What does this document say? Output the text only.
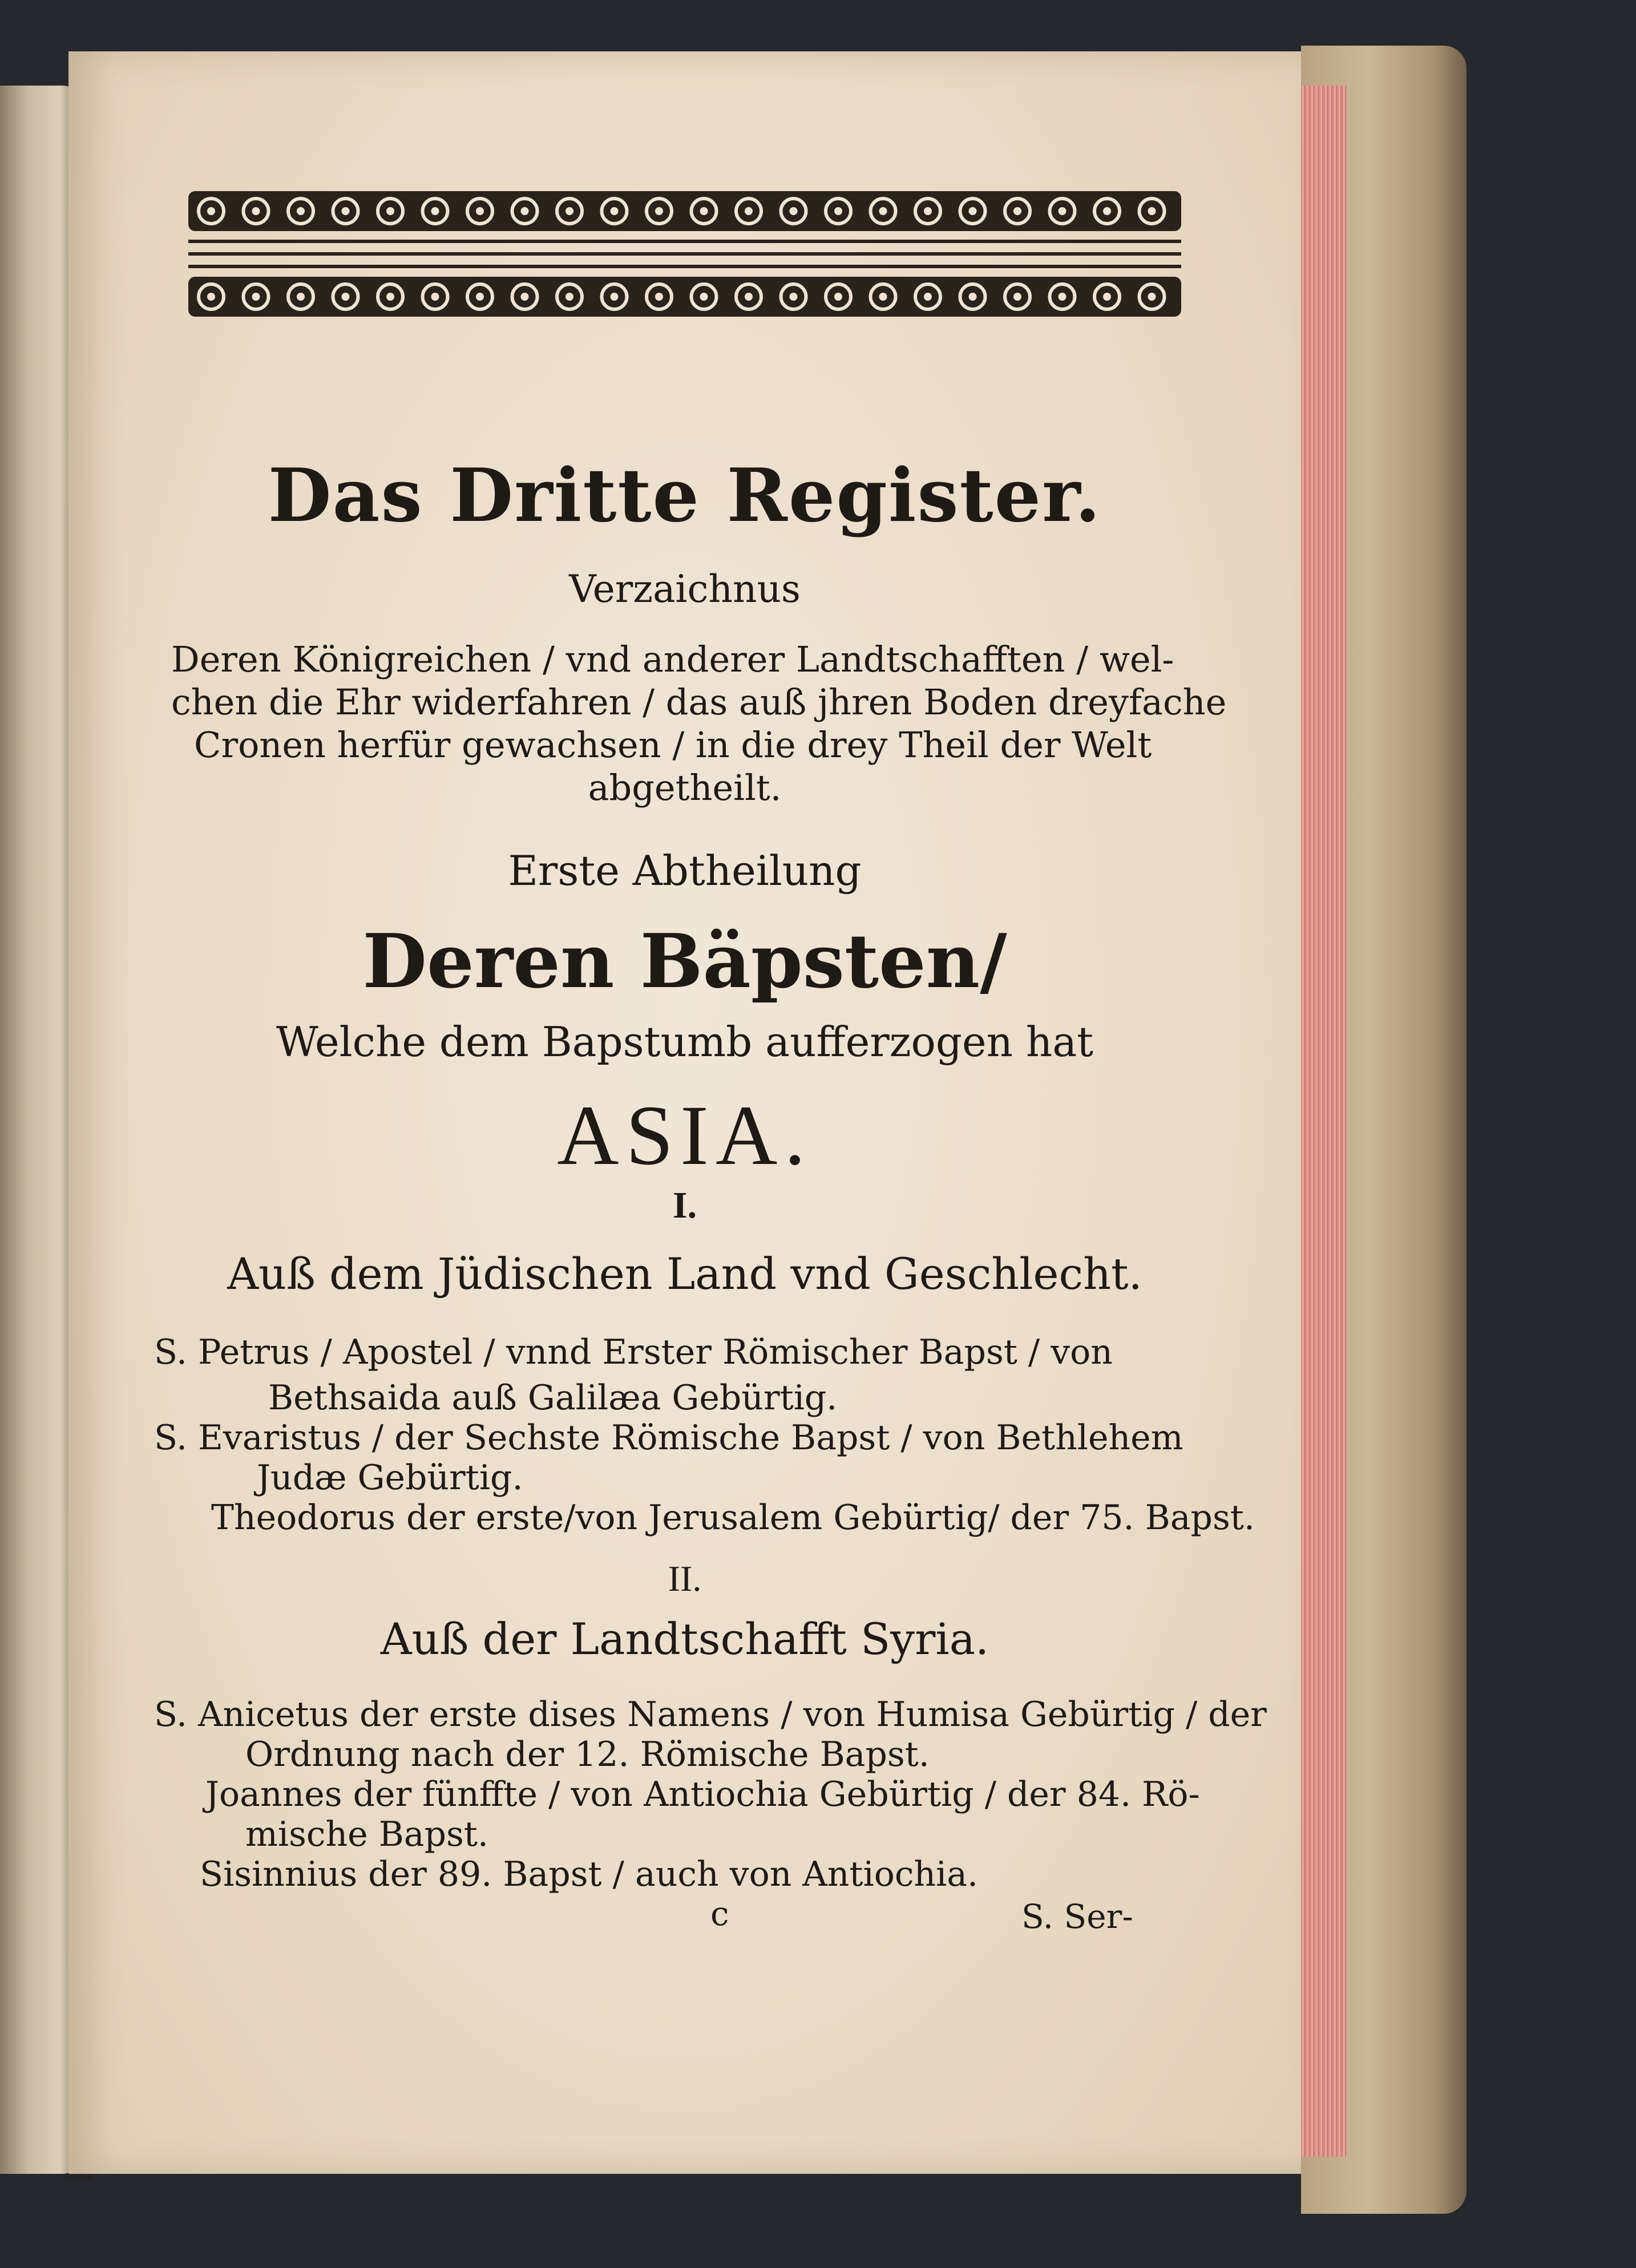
Das Dritte Register.
Verzaichnus
Deren Königreichen / vnd anderer Landtschafften / wel-
chen die Ehr widerfahren / das auß jhren Boden dreyfache
Cronen herfür gewachsen / in die drey Theil der Welt
abgetheilt.
Erste Abtheilung
Deren Bäpsten/
Welche dem Bapstumb aufferzogen hat
ASIA.
I.
Auß dem Jüdischen Land vnd Geschlecht.
S. Petrus / Apostel / vnnd Erster Römischer Bapst / von
Bethsaida auß Galilæa Gebürtig.
S. Evaristus / der Sechste Römische Bapst / von Bethlehem
Judæ Gebürtig.
Theodorus der erste/von Jerusalem Gebürtig/ der 75. Bapst.
II.
Auß der Landtschafft Syria.
S. Anicetus der erste dises Namens / von Humisa Gebürtig / der
Ordnung nach der 12. Römische Bapst.
Joannes der fünffte / von Antiochia Gebürtig / der 84. Rö-
mische Bapst.
Sisinnius der 89. Bapst / auch von Antiochia.
c	S. Ser-
